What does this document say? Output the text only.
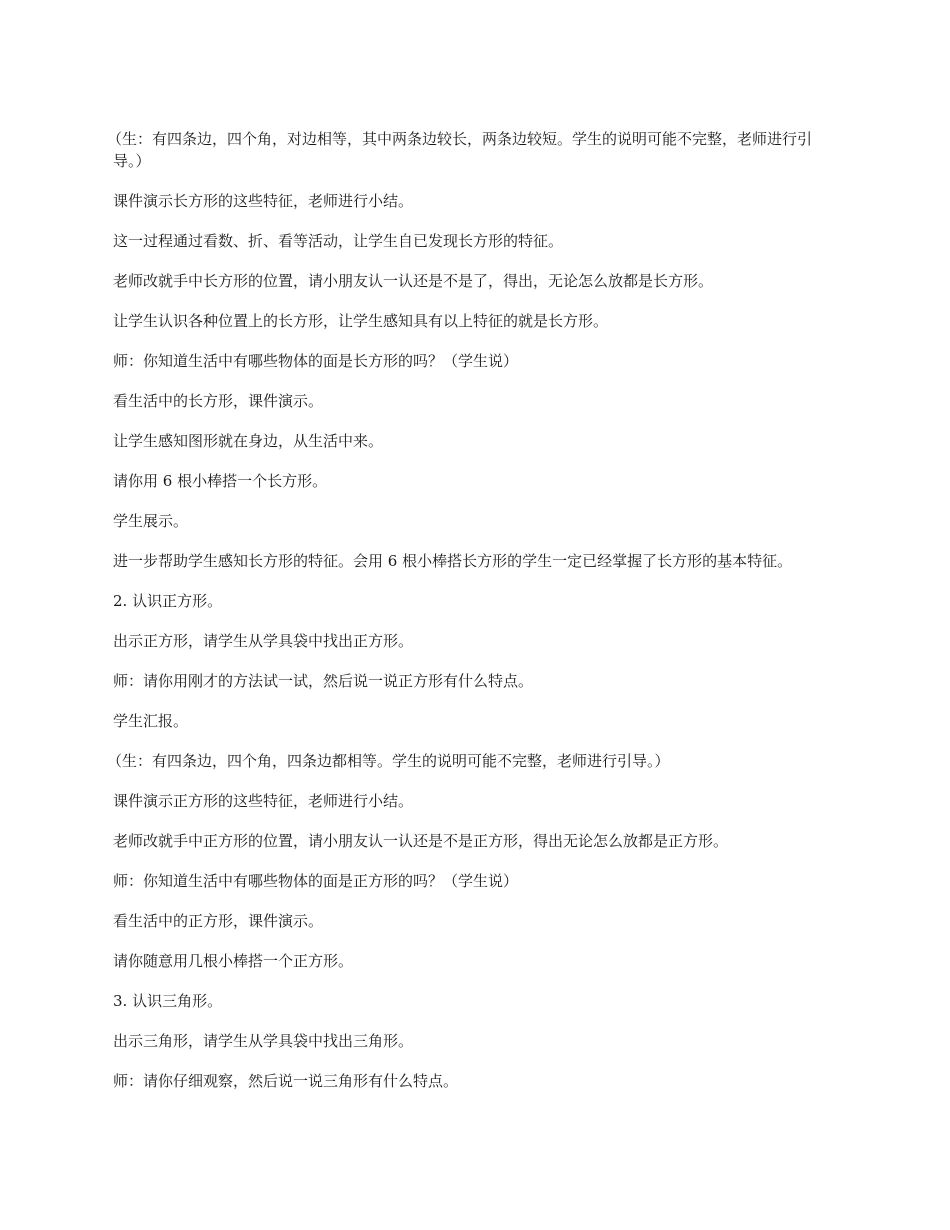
（生：有四条边，四个角，对边相等，其中两条边较长，两条边较短。学生的说明可能不完整，老师进行引导。）

课件演示长方形的这些特征，老师进行小结。

这一过程通过看数、折、看等活动，让学生自已发现长方形的特征。

老师改就手中长方形的位置，请小朋友认一认还是不是了，得出，无论怎么放都是长方形。

让学生认识各种位置上的长方形，让学生感知具有以上特征的就是长方形。

师：你知道生活中有哪些物体的面是长方形的吗？（学生说）

看生活中的长方形，课件演示。

让学生感知图形就在身边，从生活中来。

请你用 6 根小棒搭一个长方形。

学生展示。

进一步帮助学生感知长方形的特征。会用 6 根小棒搭长方形的学生一定已经掌握了长方形的基本特征。

2. 认识正方形。

出示正方形，请学生从学具袋中找出正方形。

师：请你用刚才的方法试一试，然后说一说正方形有什么特点。

学生汇报。

（生：有四条边，四个角，四条边都相等。学生的说明可能不完整，老师进行引导。）

课件演示正方形的这些特征，老师进行小结。

老师改就手中正方形的位置，请小朋友认一认还是不是正方形，得出无论怎么放都是正方形。

师：你知道生活中有哪些物体的面是正方形的吗？（学生说）

看生活中的正方形，课件演示。

请你随意用几根小棒搭一个正方形。

3. 认识三角形。

出示三角形，请学生从学具袋中找出三角形。

师：请你仔细观察，然后说一说三角形有什么特点。
